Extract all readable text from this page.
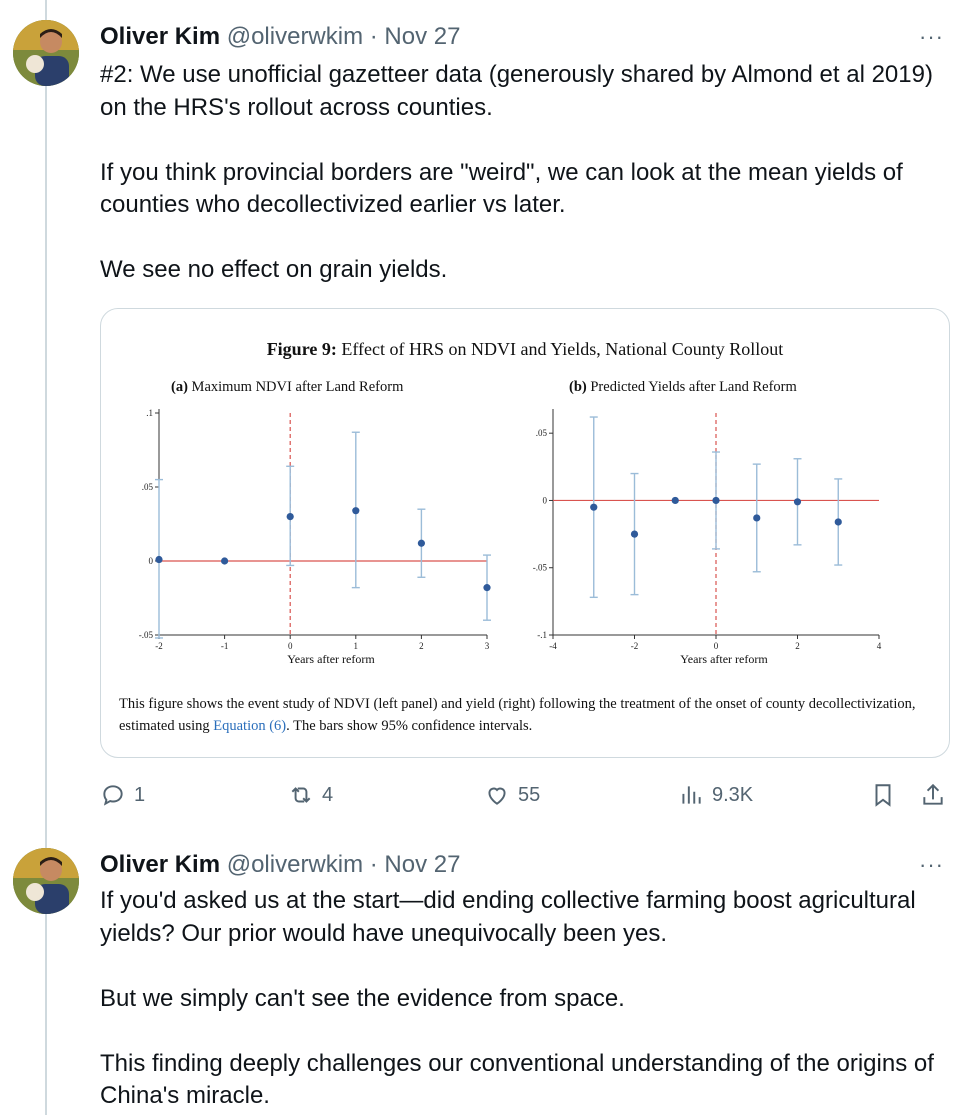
Oliver Kim @oliverwkim · Nov 27	···

#2: We use unofficial gazetteer data (generously shared by Almond et al 2019) on the HRS's rollout across counties.

If you think provincial borders are "weird", we can look at the mean yields of counties who decollectivized earlier vs later.

We see no effect on grain yields.

Figure 9: Effect of HRS on NDVI and Yields, National County Rollout
(a) Maximum NDVI after Land Reform	(b) Predicted Yields after Land Reform
.1
.05
0
-.05
-2	-1	0	1	2	3
Years after reform
.05
0
-.05
-.1
-4	-2	0	2	4
Years after reform
This figure shows the event study of NDVI (left panel) and yield (right) following the treatment of the onset of county decollectivization, estimated using Equation (6). The bars show 95% confidence intervals.
1	4	55	9.3K
Oliver Kim @oliverwkim · Nov 27	···

If you'd asked us at the start—did ending collective farming boost agricultural yields? Our prior would have unequivocally been yes.

But we simply can't see the evidence from space.

This finding deeply challenges our conventional understanding of the origins of China's miracle.
